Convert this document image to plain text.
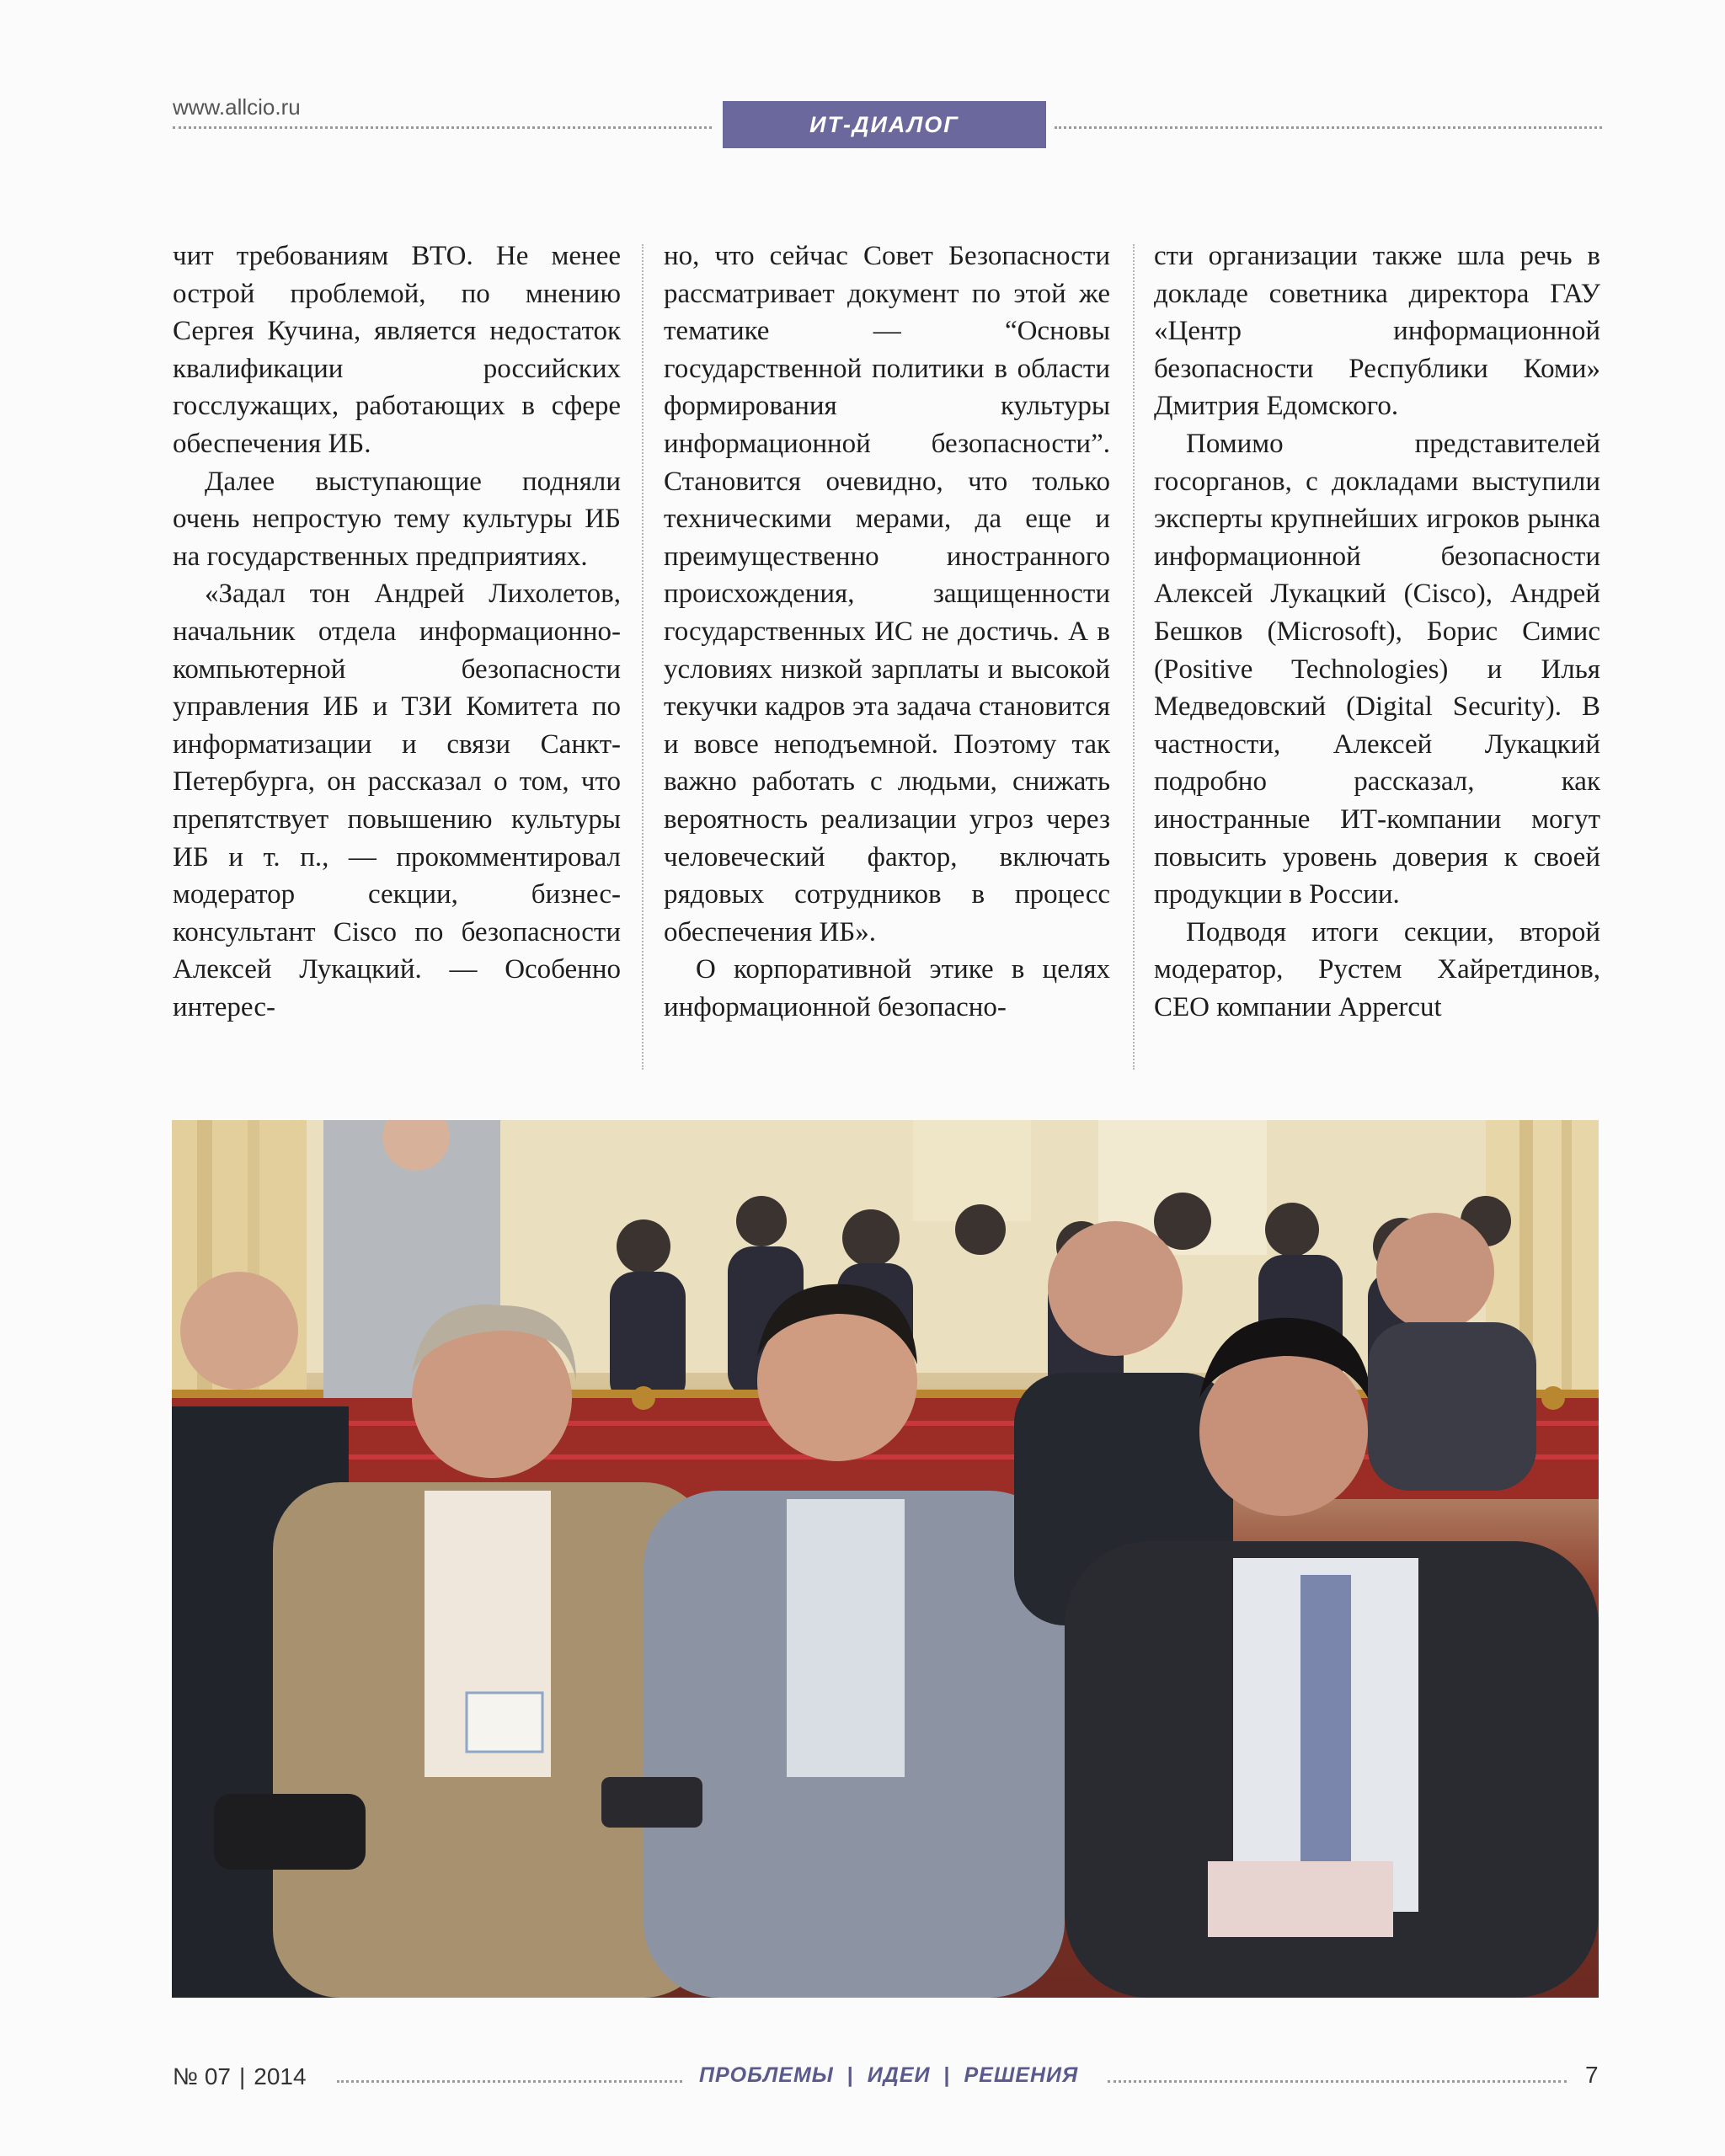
www.allcio.ru
ИТ-ДИАЛОГ

чит требованиям ВТО. Не менее острой проблемой, по мнению Сергея Кучина, является недостаток квалификации российских госслужащих, работающих в сфере обеспечения ИБ.

Далее выступающие подняли очень непростую тему культуры ИБ на государственных предприятиях.

«Задал тон Андрей Лихолетов, начальник отдела информационно-компьютерной безопасности управления ИБ и ТЗИ Комитета по информатизации и связи Санкт-Петербурга, он рассказал о том, что препятствует повышению культуры ИБ и т. п., — прокомментировал модератор секции, бизнес-консультант Cisco по безопасности Алексей Лукацкий. — Особенно интерес-

но, что сейчас Совет Безопасности рассматривает документ по этой же тематике — “Основы государственной политики в области формирования культуры информационной безопасности”. Становится очевидно, что только техническими мерами, да еще и преимущественно иностранного происхождения, защищенности государственных ИС не достичь. А в условиях низкой зарплаты и высокой текучки кадров эта задача становится и вовсе неподъемной. Поэтому так важно работать с людьми, снижать вероятность реализации угроз через человеческий фактор, включать рядовых сотрудников в процесс обеспечения ИБ».

О корпоративной этике в целях информационной безопасно-

сти организации также шла речь в докладе советника директора ГАУ «Центр информационной безопасности Республики Коми» Дмитрия Едомского.

Помимо представителей госорганов, с докладами выступили эксперты крупнейших игроков рынка информационной безопасности Алексей Лукацкий (Cisco), Андрей Бешков (Microsoft), Борис Симис (Positive Technologies) и Илья Медведовский (Digital Security). В частности, Алексей Лукацкий подробно рассказал, как иностранные ИТ-компании могут повысить уровень доверия к своей продукции в России.

Подводя итоги секции, второй модератор, Рустем Хайретдинов, CEO компании Appercut

№ 07 | 2014	ПРОБЛЕМЫ | ИДЕИ | РЕШЕНИЯ	7
